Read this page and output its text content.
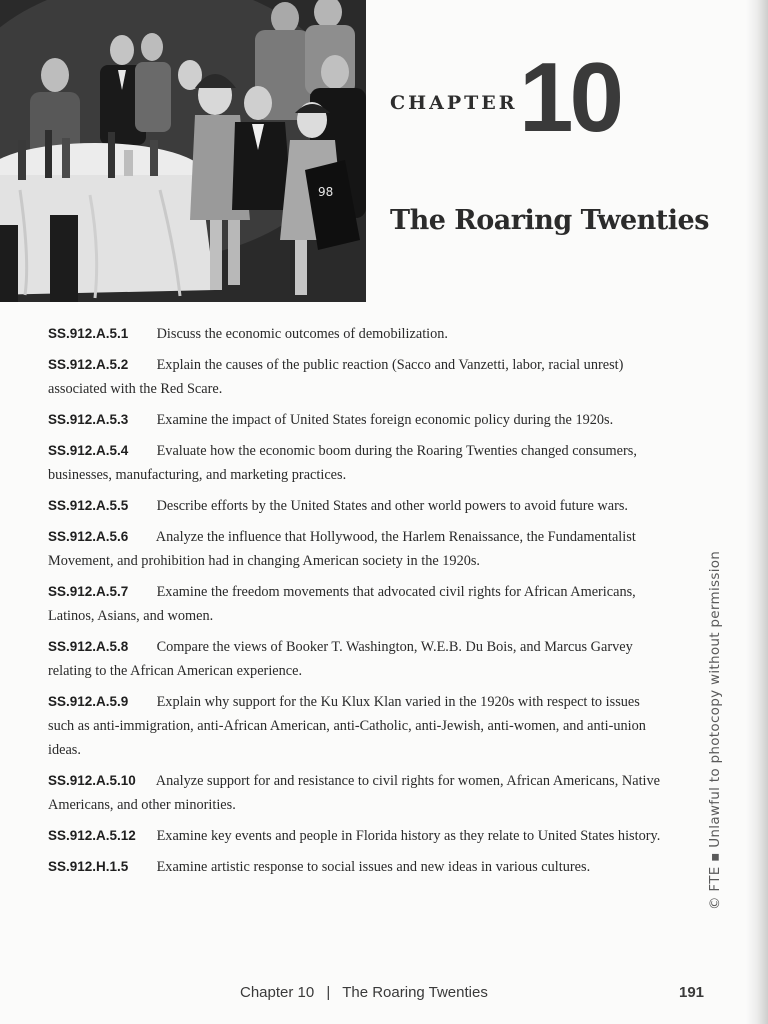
98
CHAPTER 10
The Roaring Twenties
SS.912.A.5.1 Discuss the economic outcomes of demobilization.
SS.912.A.5.2 Explain the causes of the public reaction (Sacco and Vanzetti, labor, racial unrest) associated with the Red Scare.
SS.912.A.5.3 Examine the impact of United States foreign economic policy during the 1920s.
SS.912.A.5.4 Evaluate how the economic boom during the Roaring Twenties changed consumers, businesses, manufacturing, and marketing practices.
SS.912.A.5.5 Describe efforts by the United States and other world powers to avoid future wars.
SS.912.A.5.6 Analyze the influence that Hollywood, the Harlem Renaissance, the Fundamentalist Movement, and prohibition had in changing American society in the 1920s.
SS.912.A.5.7 Examine the freedom movements that advocated civil rights for African Americans, Latinos, Asians, and women.
SS.912.A.5.8 Compare the views of Booker T. Washington, W.E.B. Du Bois, and Marcus Garvey relating to the African American experience.
SS.912.A.5.9 Explain why support for the Ku Klux Klan varied in the 1920s with respect to issues such as anti-immigration, anti-African American, anti-Catholic, anti-Jewish, anti-women, and anti-union ideas.
SS.912.A.5.10 Analyze support for and resistance to civil rights for women, African Americans, Native Americans, and other minorities.
SS.912.A.5.12 Examine key events and people in Florida history as they relate to United States history.
SS.912.H.1.5 Examine artistic response to social issues and new ideas in various cultures.	© FTE ▪ Unlawful to photocopy without permission
Chapter 10 | The Roaring Twenties	191
